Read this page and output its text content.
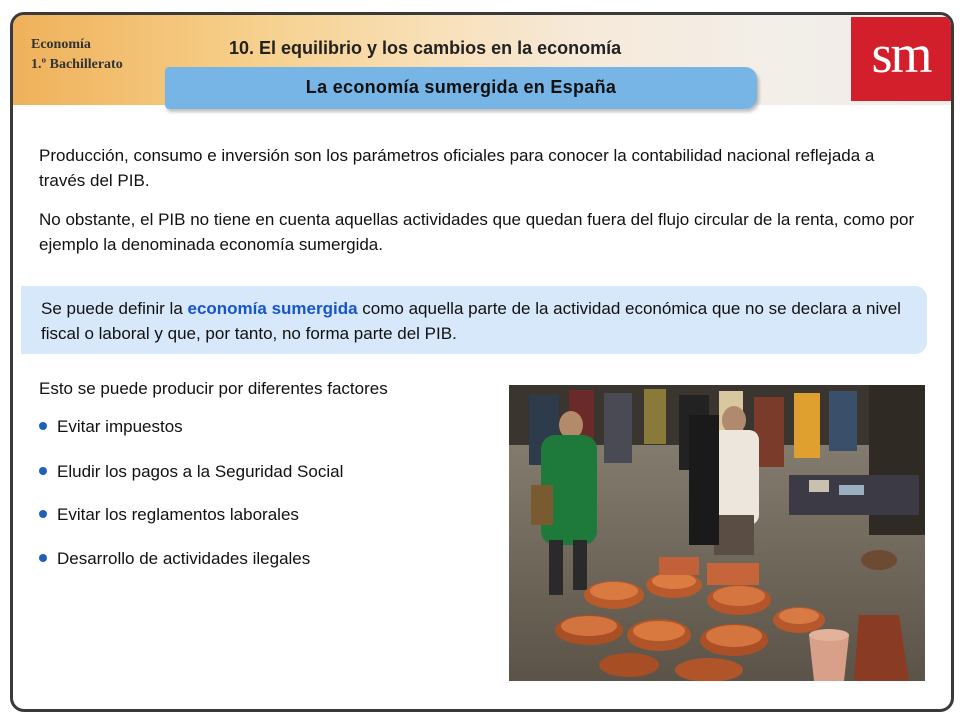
Economía
1.º Bachillerato
10. El equilibrio y los cambios en la economía	sm
La economía sumergida en España
Producción, consumo e inversión son los parámetros oficiales para conocer la contabilidad nacional reflejada a través del PIB.
No obstante, el PIB no tiene en cuenta aquellas actividades que quedan fuera del flujo circular de la renta, como por ejemplo la denominada economía sumergida.
Se puede definir la economía sumergida como aquella parte de la actividad económica que no se declara a nivel fiscal o laboral y que, por tanto, no forma parte del PIB.
Esto se puede producir por diferentes factores
Evitar impuestos
Eludir los pagos a la Seguridad Social
Evitar los reglamentos laborales
Desarrollo de actividades ilegales
